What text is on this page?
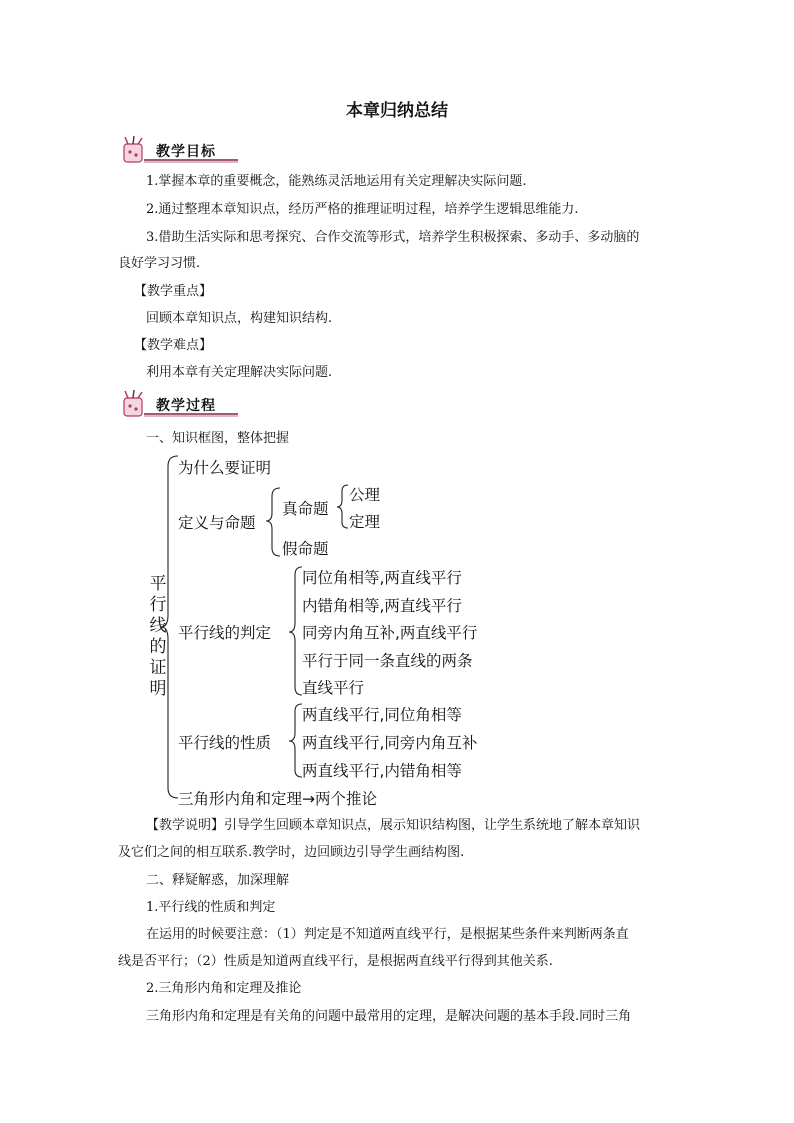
本章归纳总结
教学目标
1.掌握本章的重要概念，能熟练灵活地运用有关定理解决实际问题.
2.通过整理本章知识点，经历严格的推理证明过程，培养学生逻辑思维能力.
3.借助生活实际和思考探究、合作交流等形式，培养学生积极探索、多动手、多动脑的
良好学习习惯.
【教学重点】
回顾本章知识点，构建知识结构.
【教学难点】
利用本章有关定理解决实际问题.
教学过程
一、知识框图，整体把握
平行线的证明
为什么要证明
定义与命题
真命题
公理
定理
假命题
平行线的判定
同位角相等,两直线平行
内错角相等,两直线平行
同旁内角互补,两直线平行
平行于同一条直线的两条
直线平行
平行线的性质
两直线平行,同位角相等
两直线平行,同旁内角互补
两直线平行,内错角相等
三角形内角和定理→两个推论
【教学说明】引导学生回顾本章知识点，展示知识结构图，让学生系统地了解本章知识
及它们之间的相互联系.教学时，边回顾边引导学生画结构图.
二、释疑解惑，加深理解
1.平行线的性质和判定
在运用的时候要注意：（1）判定是不知道两直线平行，是根据某些条件来判断两条直
线是否平行；（2）性质是知道两直线平行，是根据两直线平行得到其他关系.
2.三角形内角和定理及推论
三角形内角和定理是有关角的问题中最常用的定理，是解决问题的基本手段.同时三角
